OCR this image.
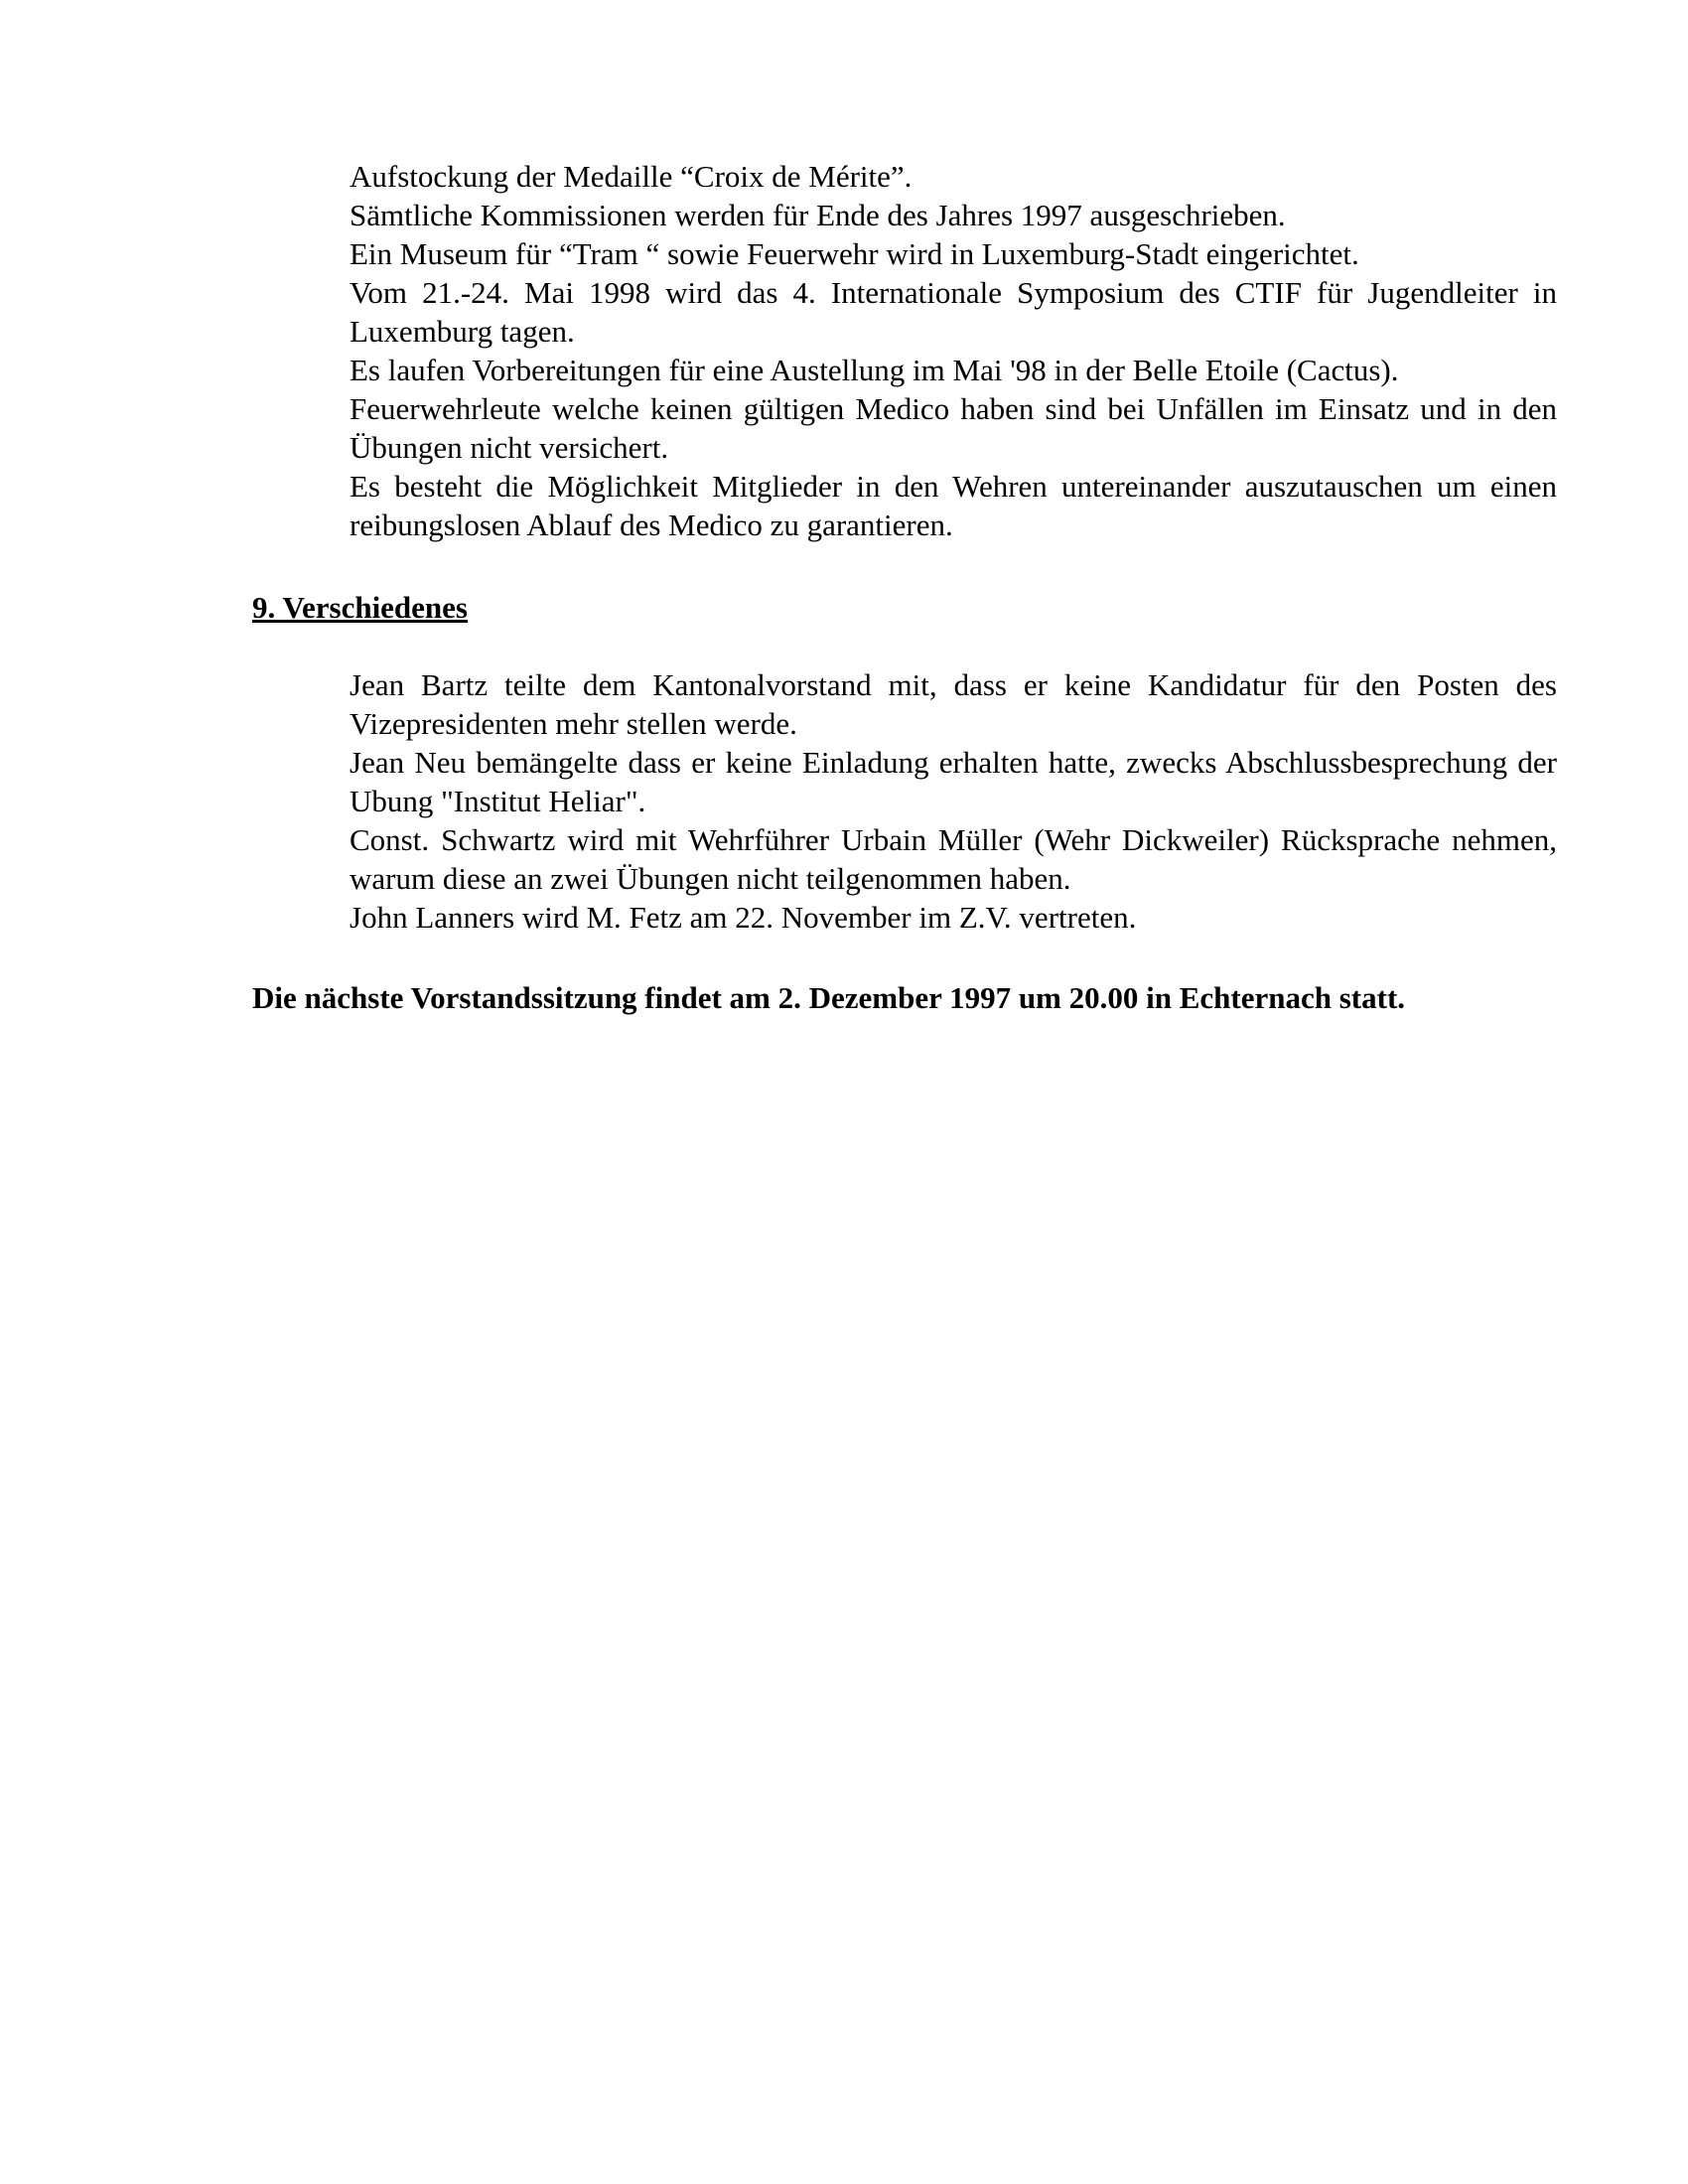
Aufstockung der Medaille “Croix de Mérite”.

Sämtliche Kommissionen werden für Ende des Jahres 1997 ausgeschrieben.

Ein Museum für “Tram “ sowie Feuerwehr wird in Luxemburg-Stadt eingerichtet.

Vom 21.-24. Mai 1998 wird das 4. Internationale Symposium des CTIF für Jugendleiter in Luxemburg tagen.

Es laufen Vorbereitungen für eine Austellung im Mai '98 in der Belle Etoile (Cactus).

Feuerwehrleute welche keinen gültigen Medico haben sind bei Unfällen im Einsatz und in den Übungen nicht versichert.

Es besteht die Möglichkeit Mitglieder in den Wehren untereinander auszutauschen um einen reibungslosen Ablauf des Medico zu garantieren.

9. Verschiedenes

Jean Bartz teilte dem Kantonalvorstand mit, dass er keine Kandidatur für den Posten des Vizepresidenten mehr stellen werde.

Jean Neu bemängelte dass er keine Einladung erhalten hatte, zwecks Abschlussbesprechung der Ubung "Institut Heliar".

Const. Schwartz wird mit Wehrführer Urbain Müller (Wehr Dickweiler) Rücksprache nehmen, warum diese an zwei Übungen nicht teilgenommen haben.

John Lanners wird M. Fetz am 22. November im Z.V. vertreten.

Die nächste Vorstandssitzung findet am 2. Dezember 1997 um 20.00 in Echternach statt.
